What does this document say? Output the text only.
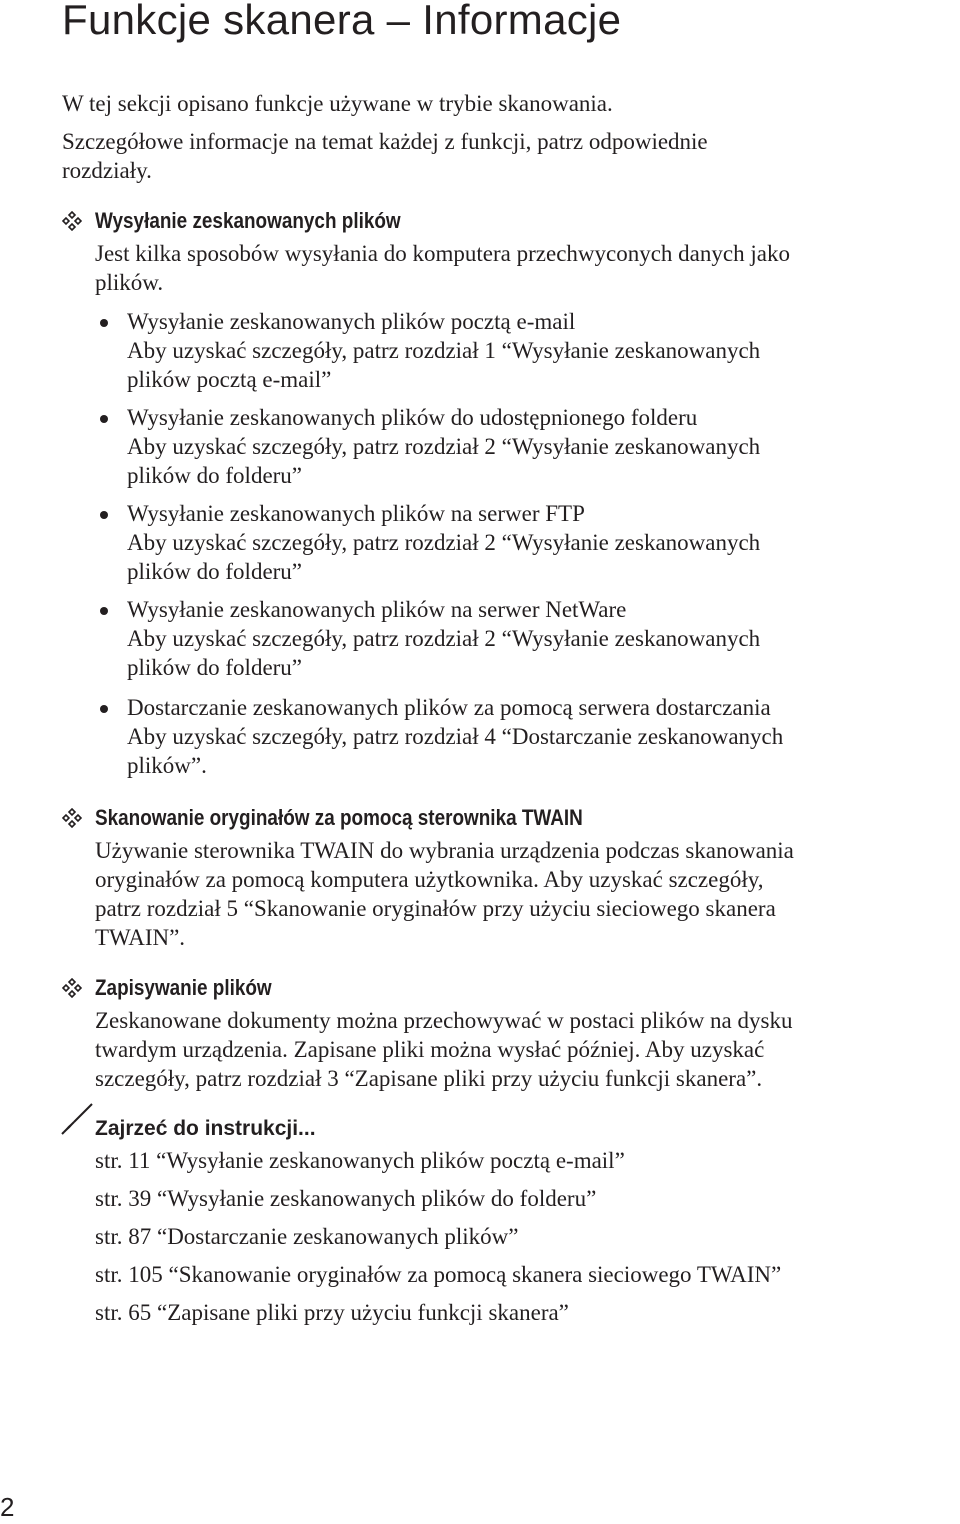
Funkcje skanera – Informacje
W tej sekcji opisano funkcje używane w trybie skanowania.
Szczegółowe informacje na temat każdej z funkcji, patrz odpowiednie
rozdziały.
Wysyłanie zeskanowanych plików
Jest kilka sposobów wysyłania do komputera przechwyconych danych jako
plików.
Wysyłanie zeskanowanych plików pocztą e-mail
Aby uzyskać szczegóły, patrz rozdział 1 “Wysyłanie zeskanowanych
plików pocztą e-mail”
Wysyłanie zeskanowanych plików do udostępnionego folderu
Aby uzyskać szczegóły, patrz rozdział 2 “Wysyłanie zeskanowanych
plików do folderu”
Wysyłanie zeskanowanych plików na serwer FTP
Aby uzyskać szczegóły, patrz rozdział 2 “Wysyłanie zeskanowanych
plików do folderu”
Wysyłanie zeskanowanych plików na serwer NetWare
Aby uzyskać szczegóły, patrz rozdział 2 “Wysyłanie zeskanowanych
plików do folderu”
Dostarczanie zeskanowanych plików za pomocą serwera dostarczania
Aby uzyskać szczegóły, patrz rozdział 4 “Dostarczanie zeskanowanych
plików”.
Skanowanie oryginałów za pomocą sterownika TWAIN
Używanie sterownika TWAIN do wybrania urządzenia podczas skanowania
oryginałów za pomocą komputera użytkownika. Aby uzyskać szczegóły,
patrz rozdział 5 “Skanowanie oryginałów przy użyciu sieciowego skanera
TWAIN”.
Zapisywanie plików
Zeskanowane dokumenty można przechowywać w postaci plików na dysku
twardym urządzenia. Zapisane pliki można wysłać później. Aby uzyskać
szczegóły, patrz rozdział 3 “Zapisane pliki przy użyciu funkcji skanera”.
Zajrzeć do instrukcji...
str. 11 “Wysyłanie zeskanowanych plików pocztą e-mail”
str. 39 “Wysyłanie zeskanowanych plików do folderu”
str. 87 “Dostarczanie zeskanowanych plików”
str. 105 “Skanowanie oryginałów za pomocą skanera sieciowego TWAIN”
str. 65 “Zapisane pliki przy użyciu funkcji skanera”
2
